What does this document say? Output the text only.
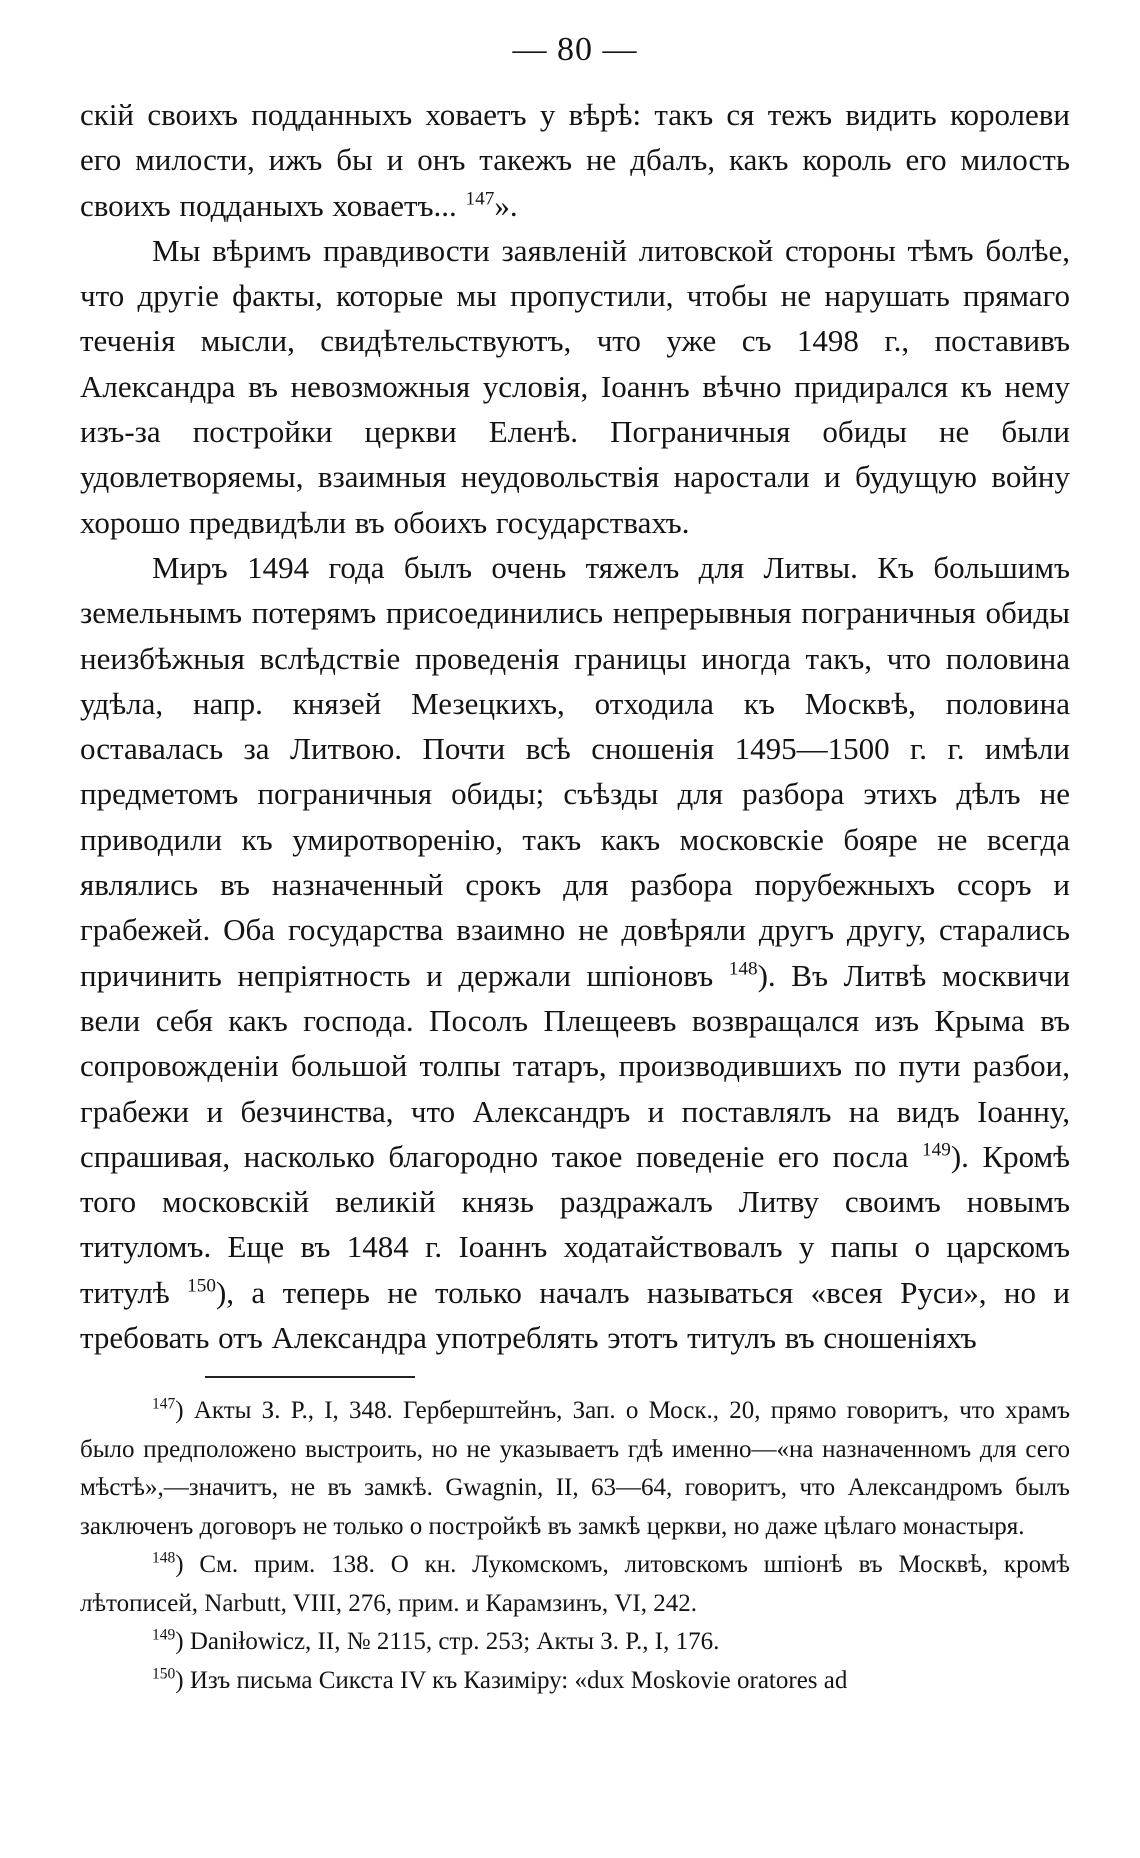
— 80 —

скій своихъ подданныхъ ховаетъ у вѣрѣ: такъ ся тежъ видить королеви его милости, ижъ бы и онъ такежъ не дбалъ, какъ король его милость своихъ подданыхъ ховаетъ... $^{147}$».

Мы вѣримъ правдивости заявленій литовской стороны тѣмъ болѣе, что другіе факты, которые мы пропустили, чтобы не нарушать прямаго теченія мысли, свидѣтельствуютъ, что уже съ 1498 г., поставивъ Александра въ невозможныя условія, Іоаннъ вѣчно придирался къ нему изъ-за постройки церкви Еленѣ. Пограничныя обиды не были удовлетворяемы, взаимныя неудовольствія наростали и будущую войну хорошо предвидѣли въ обоихъ государствахъ.

Миръ 1494 года былъ очень тяжелъ для Литвы. Къ большимъ земельнымъ потерямъ присоединились непрерывныя пограничныя обиды неизбѣжныя вслѣдствіе проведенія границы иногда такъ, что половина удѣла, напр. князей Мезецкихъ, отходила къ Москвѣ, половина оставалась за Литвою. Почти всѣ сношенія 1495—1500 г. г. имѣли предметомъ пограничныя обиды; съѣзды для разбора этихъ дѣлъ не приводили къ умиротворенію, такъ какъ московскіе бояре не всегда являлись въ назначенный срокъ для разбора порубежныхъ ссоръ и грабежей. Оба государства взаимно не довѣряли другъ другу, старались причинить непріятность и держали шпіоновъ $^{148}$). Въ Литвѣ москвичи вели себя какъ господа. Посолъ Плещеевъ возвращался изъ Крыма въ сопровожденіи большой толпы татаръ, производившихъ по пути разбои, грабежи и безчинства, что Александръ и поставлялъ на видъ Іоанну, спрашивая, насколько благородно такое поведеніе его посла $^{149}$). Кромѣ того московскій великій князь раздражалъ Литву своимъ новымъ титуломъ. Еще въ 1484 г. Іоаннъ ходатайствовалъ у папы о царскомъ титулѣ $^{150}$), а теперь не только началъ называться «всея Руси», но и требовать отъ Александра употреблять этотъ титулъ въ сношеніяхъ

$^{147}$) Акты З. Р., I, 348. Герберштейнъ, Зап. о Моск., 20, прямо говоритъ, что храмъ было предположено выстроить, но не указываетъ гдѣ именно—«на назначенномъ для сего мѣстѣ»,—значитъ, не въ замкѣ. Gwagnin, II, 63—64, говоритъ, что Александромъ былъ заключенъ договоръ не только о постройкѣ въ замкѣ церкви, но даже цѣлаго монастыря.

$^{148}$) См. прим. 138. О кн. Лукомскомъ, литовскомъ шпіонѣ въ Москвѣ, кромѣ лѣтописей, Narbutt, VIII, 276, прим. и Карамзинъ, VI, 242.

$^{149}$) Daniłowicz, II, № 2115, стр. 253; Акты З. Р., I, 176.

$^{150}$) Изъ письма Сикста IV къ Казиміру: «dux Moskovie oratores ad
